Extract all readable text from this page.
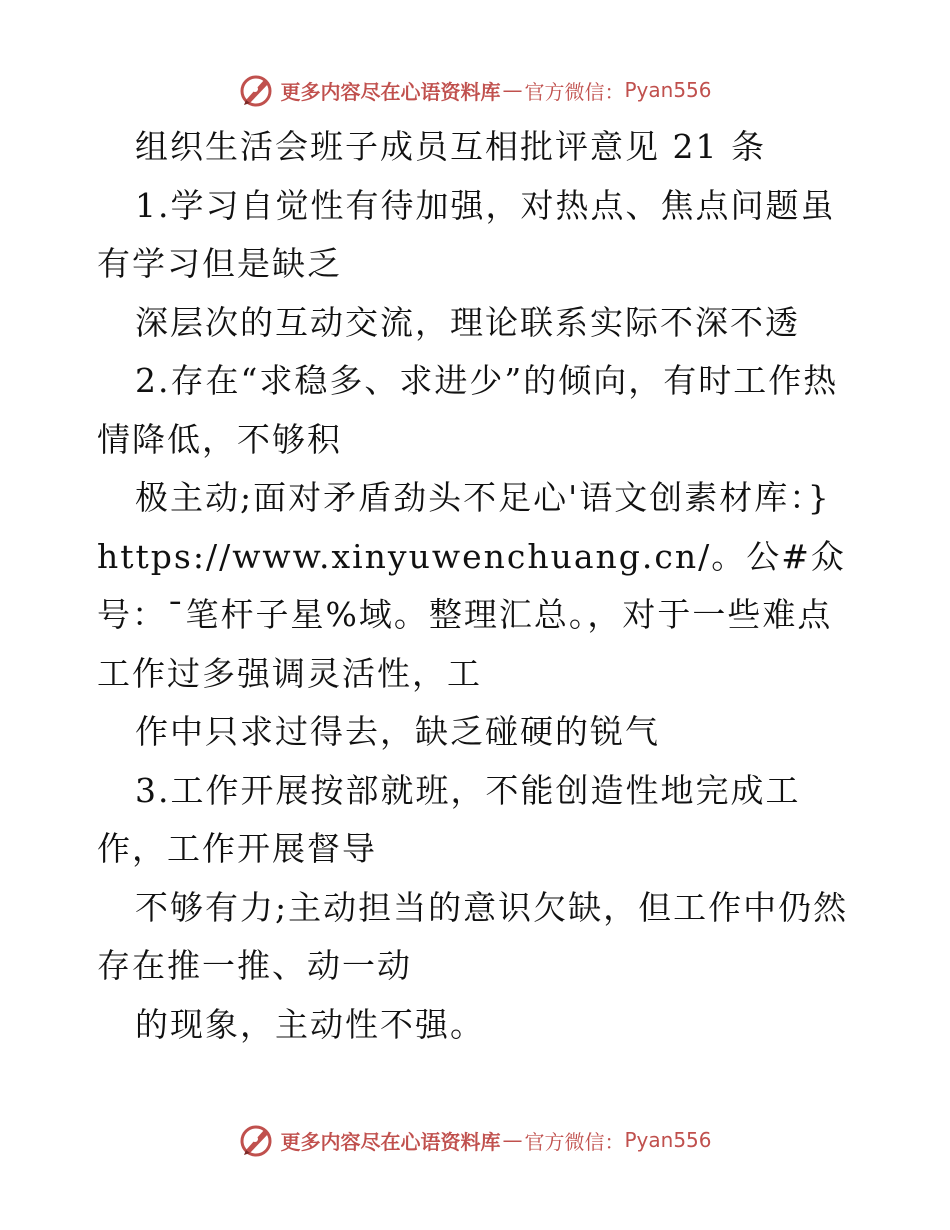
更多内容尽在心语资料库 — 官方微信： Pyan556

组织生活会班子成员互相批评意见 21 条

1.学习自觉性有待加强，对热点、焦点问题虽有学习但是缺乏

深层次的互动交流，理论联系实际不深不透

2.存在“求稳多、求进少”的倾向，有时工作热情降低，不够积

极主动;面对矛盾劲头不足心'语文创素材库：}

https://www.xinyuwenchuang.cn/。公#众号：¯笔杆子星%域。整理汇总。，对于一些难点工作过多强调灵活性，工

作中只求过得去，缺乏碰硬的锐气

3.工作开展按部就班，不能创造性地完成工作，工作开展督导

不够有力;主动担当的意识欠缺，但工作中仍然存在推一推、动一动

的现象，主动性不强。

更多内容尽在心语资料库 — 官方微信： Pyan556
